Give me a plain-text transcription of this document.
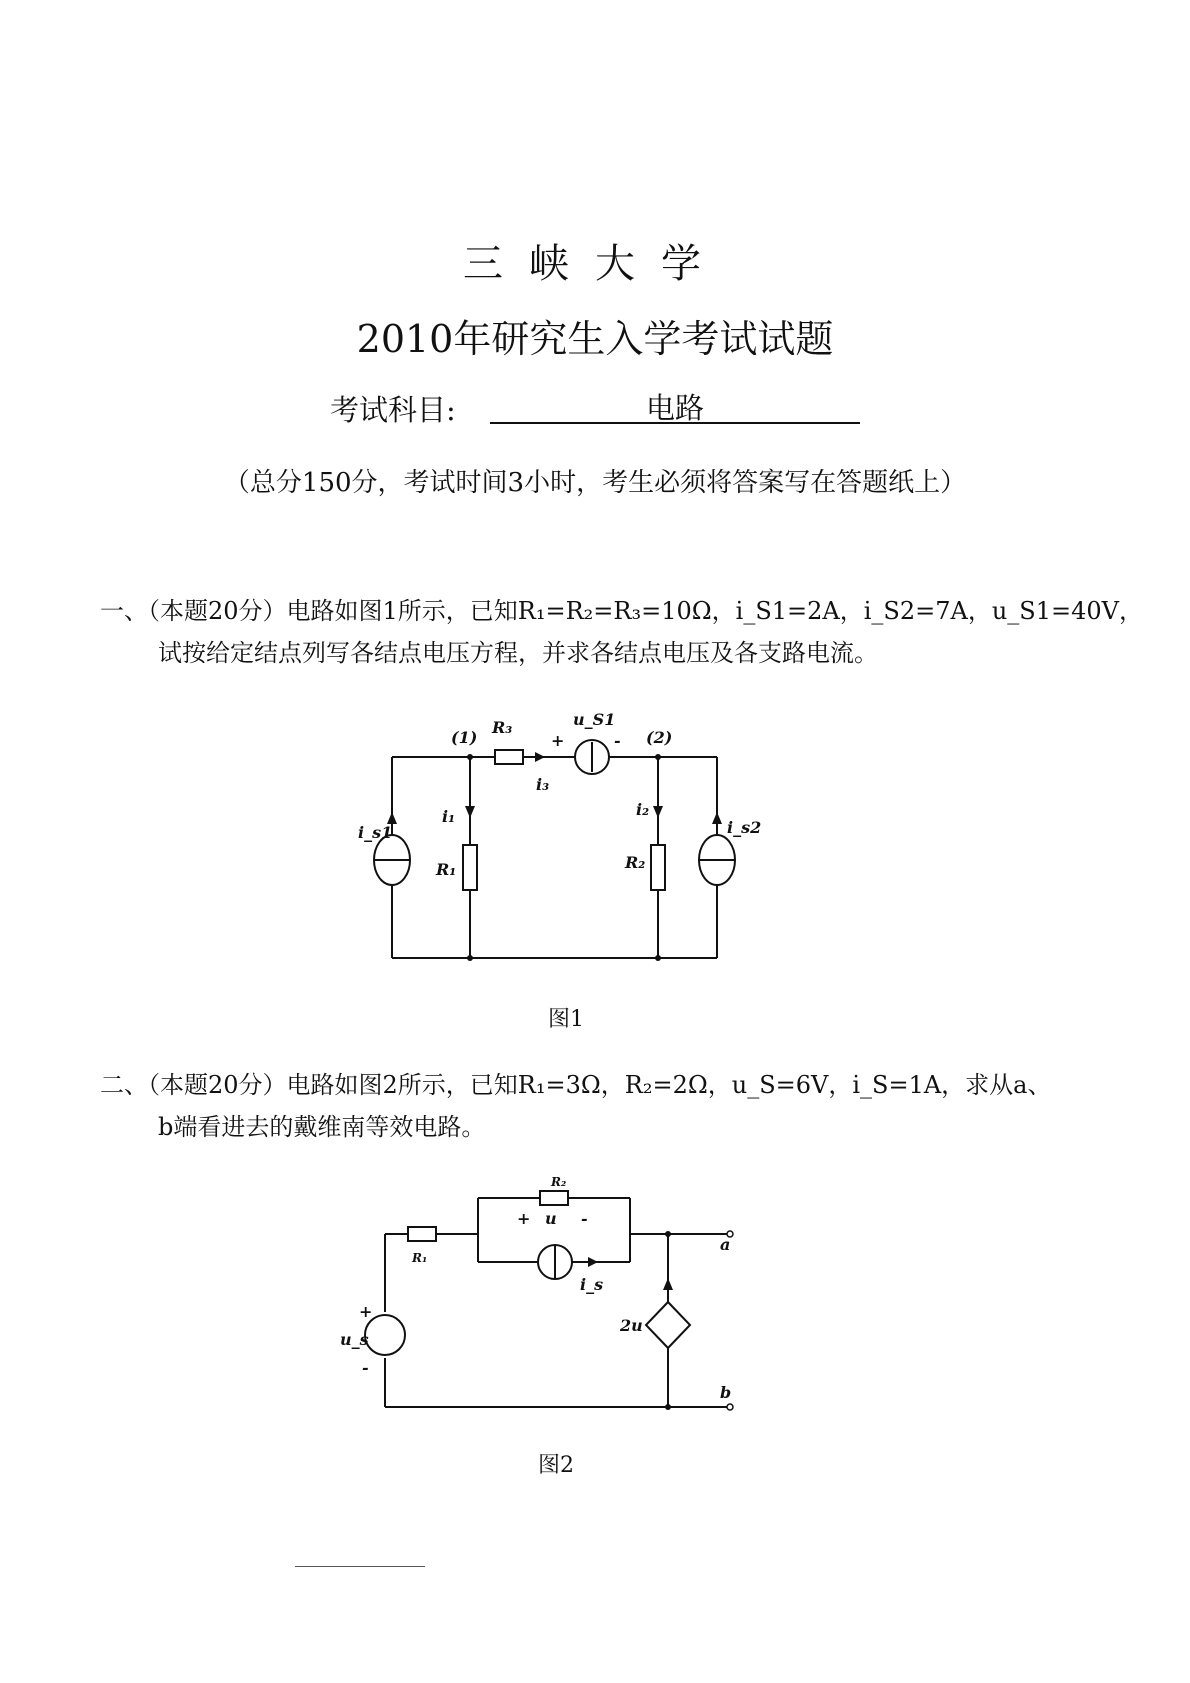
三峡大学
2010年研究生入学考试试题
考试科目:	电路
（总分150分，考试时间3小时，考生必须将答案写在答题纸上）
一、（本题20分）电路如图1所示，已知R₁=R₂=R₃=10Ω，i_S1=2A，i_S2=7A，u_S1=40V，
试按给定结点列写各结点电压方程，并求各结点电压及各支路电流。
图1
二、（本题20分）电路如图2所示，已知R₁=3Ω，R₂=2Ω，u_S=6V，i_S=1A，求从a、
b端看进去的戴维南等效电路。
图2
(1)	(2)
R₃	u_S1
+	-
i₃
i₁	i₂
i_s1	i_s2
R₁	R₂
R₂
+ u -
R₁
i_s
a
b
+
u_s
-
2u
